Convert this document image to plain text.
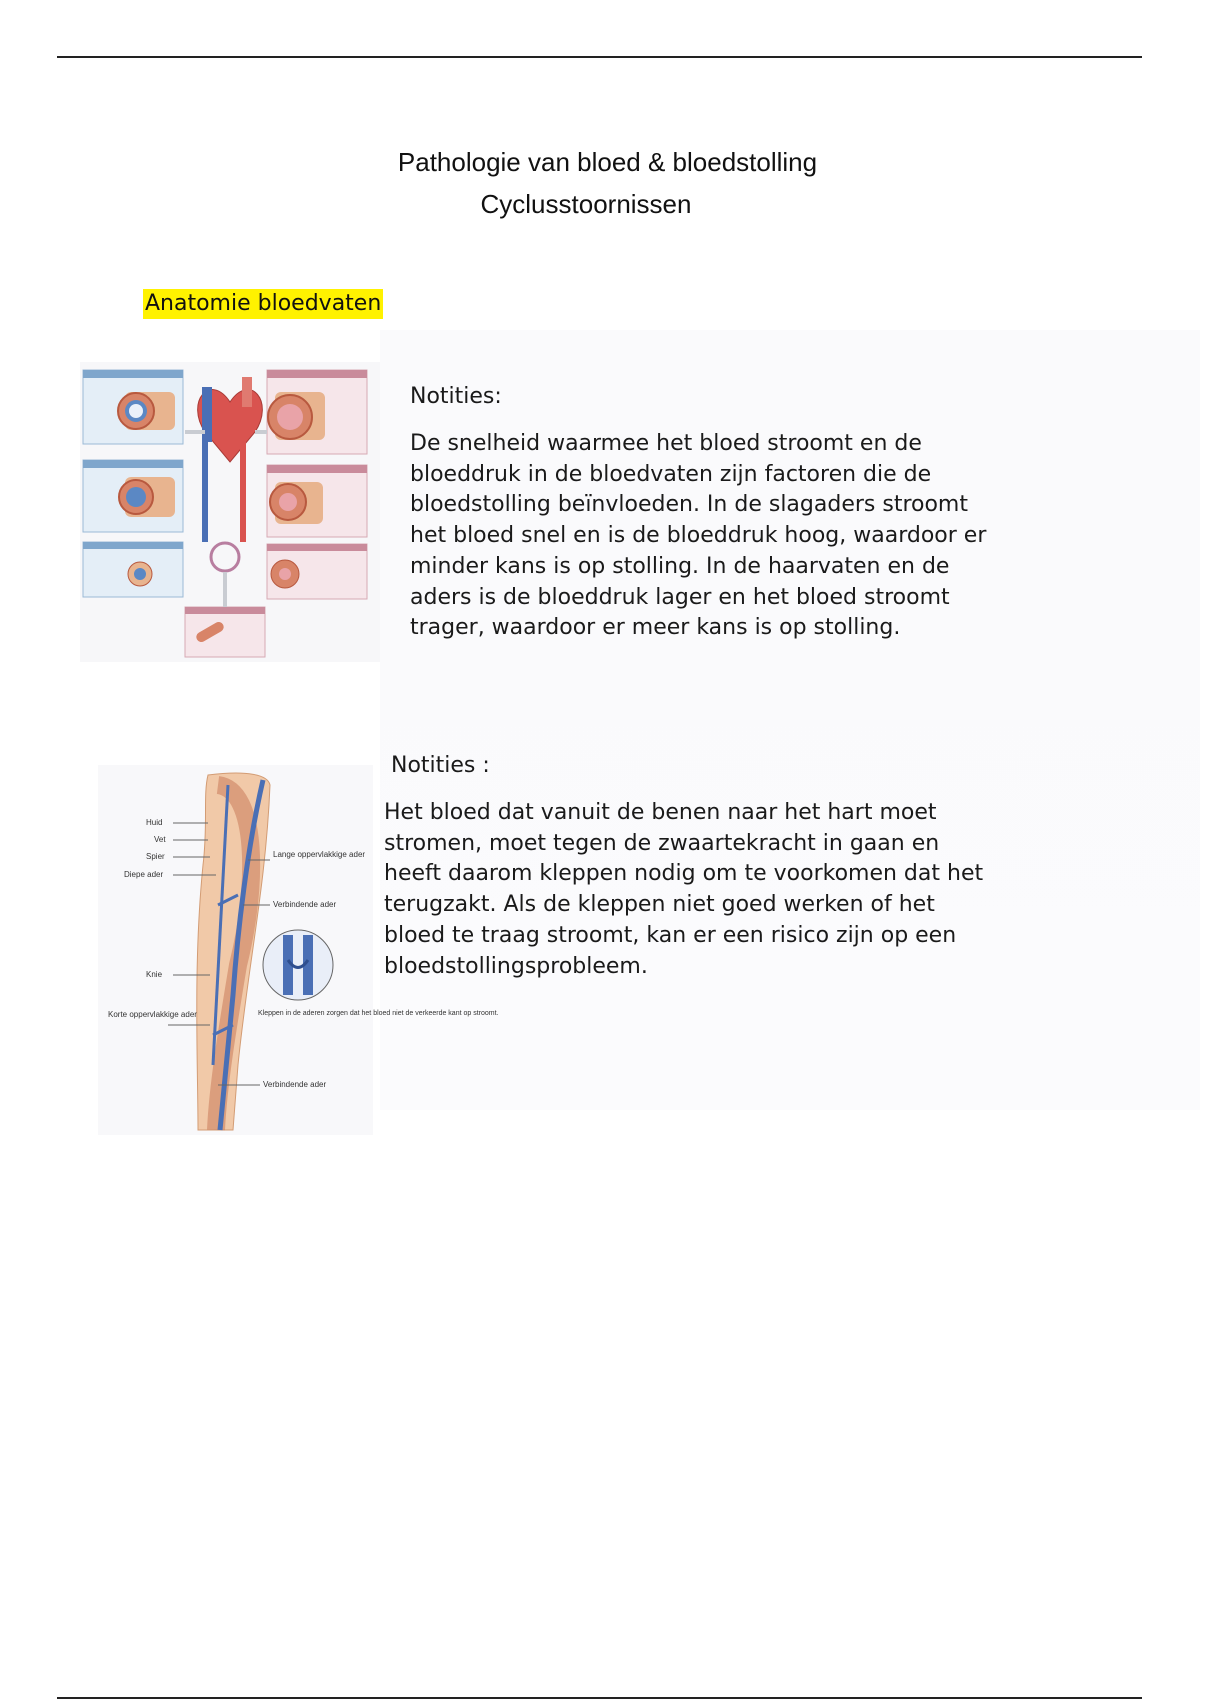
Pathologie van bloed & bloedstolling
Cyclusstoornissen
Anatomie bloedvaten
Notities:

De snelheid waarmee het bloed stroomt en de
bloeddruk in de bloedvaten zijn factoren die de
bloedstolling beïnvloeden. In de slagaders stroomt
het bloed snel en is de bloeddruk hoog, waardoor er
minder kans is op stolling. In de haarvaten en de
aders is de bloeddruk lager en het bloed stroomt
trager, waardoor er meer kans is op stolling.

Huid
Vet
Spier
Diepe ader
Knie
Korte oppervlakkige ader
Lange oppervlakkige ader
Verbindende ader
Kleppen in de aderen zorgen dat het bloed niet de verkeerde kant op stroomt.
Verbindende ader
Notities :

Het bloed dat vanuit de benen naar het hart moet
stromen, moet tegen de zwaartekracht in gaan en
heeft daarom kleppen nodig om te voorkomen dat het
terugzakt. Als de kleppen niet goed werken of het
bloed te traag stroomt, kan er een risico zijn op een
bloedstollingsprobleem.
